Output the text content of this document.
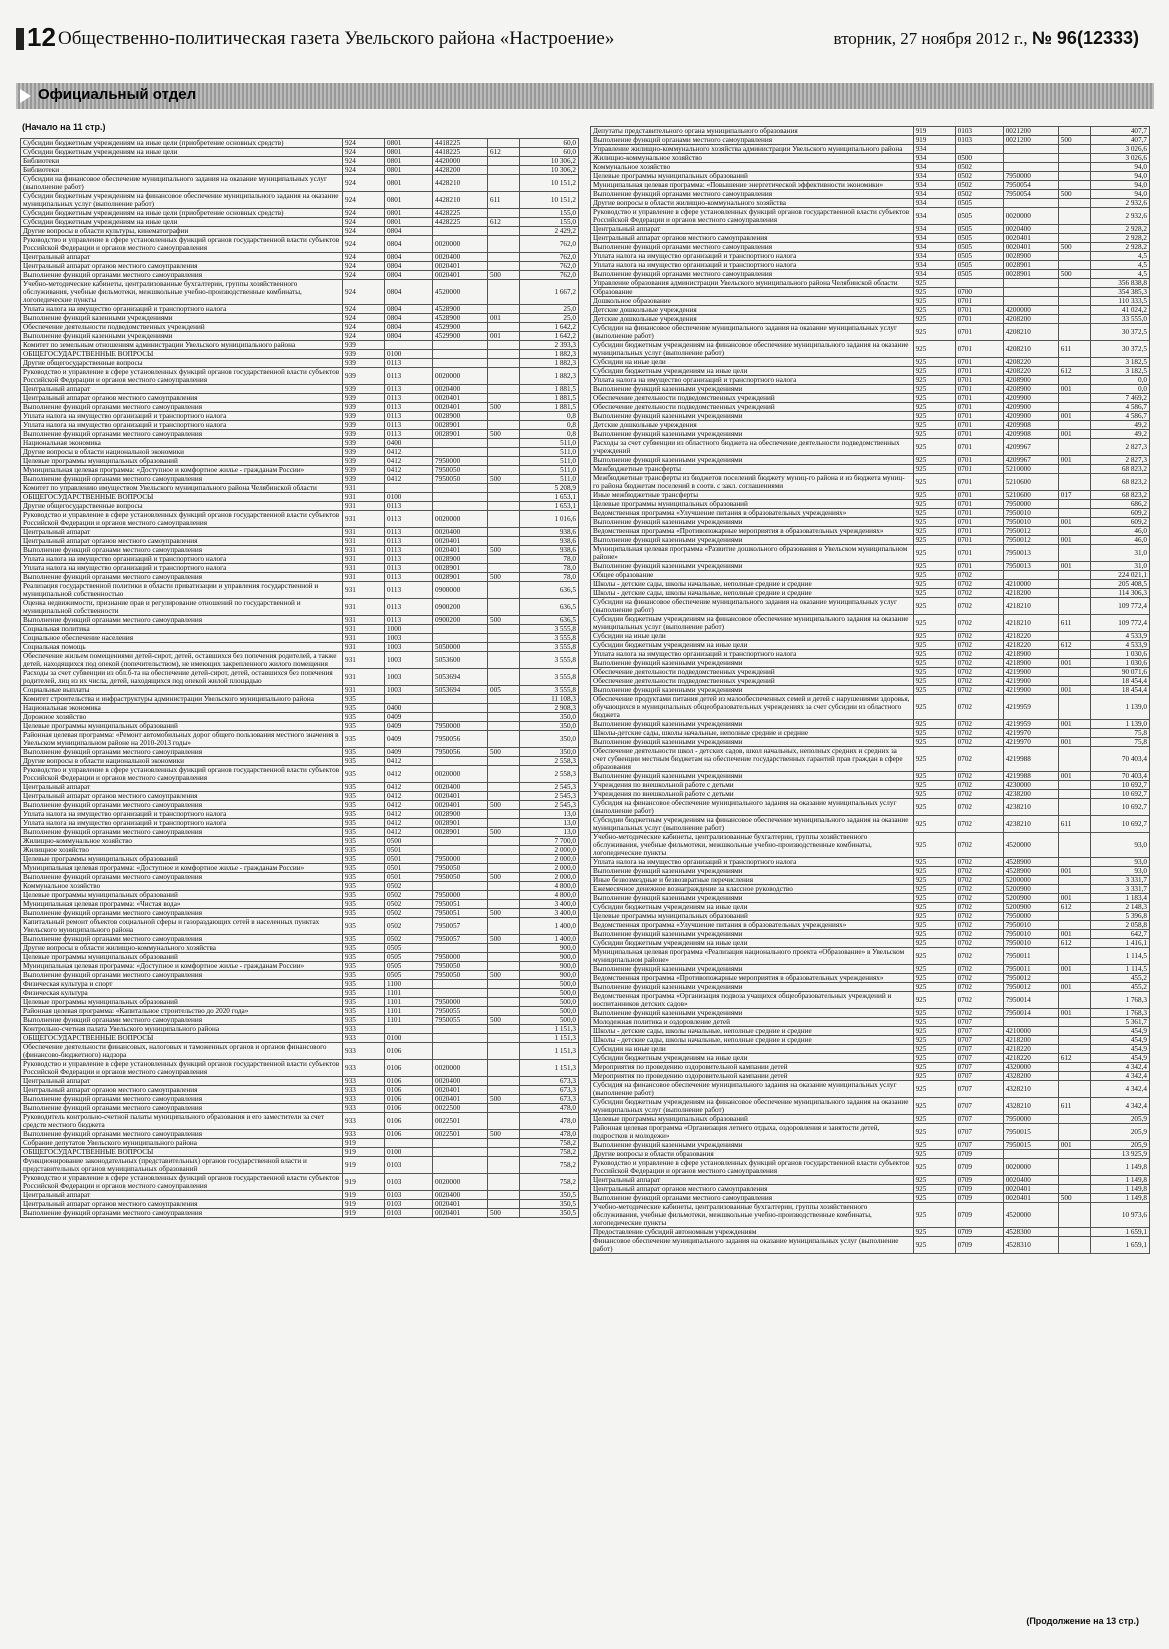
12 Общественно-политическая газета Увельского района «Настроение»	вторник, 27 ноября 2012 г., № 96(12333)
Официальный отдел
(Начало на 11 стр.)
Субсидии бюджетным учреждениям на иные цели (приобретение основных средств)	924	0801	4418225		60,0
Субсидии бюджетным учреждениям на иные цели	924	0801	4418225	612	60,0
Библиотеки	924	0801	4420000		10 306,2
Библиотеки	924	0801	4428200		10 306,2
Субсидии на финансовое обеспечение муниципального задания на оказание муниципальных услуг (выполнение работ)	924	0801	4428210		10 151,2
Субсидии бюджетным учреждениям на финансовое обеспечение муниципального задания на оказание муниципальных услуг (выполнение работ)	924	0801	4428210	611	10 151,2
Субсидии бюджетным учреждениям на иные цели (приобретение основных средств)	924	0801	4428225		155,0
Субсидии бюджетным учреждениям на иные цели	924	0801	4428225	612	155,0
Другие вопросы в области культуры, кинематографии	924	0804			2 429,2
Руководство и управление в сфере установленных функций органов государственной власти субъектов Российской Федерации и органов местного самоуправления	924	0804	0020000		762,0
Центральный аппарат	924	0804	0020400		762,0
Центральный аппарат органов местного самоуправления	924	0804	0020401		762,0
Выполнение функций органами местного самоуправления	924	0804	0020401	500	762,0
Учебно-методические кабинеты, централизованные бухгалтерии, группы хозяйственного обслуживания, учебные фильмотеки, межшкольные учебно-производственные комбинаты, логопедические пункты	924	0804	4520000		1 667,2
Уплата налога на имущество организаций и транспортного налога	924	0804	4528900		25,0
Выполнение функций казенными учреждениями	924	0804	4528900	001	25,0
Обеспечение деятельности подведомственных учреждений	924	0804	4529900		1 642,2
Выполнение функций казенными учреждениями	924	0804	4529900	001	1 642,2
Комитет по земельным отношениям администрации Увельского муниципального района	939				2 393,3
ОБЩЕГОСУДАРСТВЕННЫЕ ВОПРОСЫ	939	0100			1 882,3
Другие общегосударственные вопросы	939	0113			1 882,3
Руководство и управление в сфере установленных функций органов государственной власти субъектов Российской Федерации и органов местного самоуправления	939	0113	0020000		1 882,3
Центральный аппарат	939	0113	0020400		1 881,5
Центральный аппарат органов местного самоуправления	939	0113	0020401		1 881,5
Выполнение функций органами местного самоуправления	939	0113	0020401	500	1 881,5
Уплата налога на имущество организаций и транспортного налога	939	0113	0028900		0,8
Уплата налога на имущество организаций и транспортного налога	939	0113	0028901		0,8
Выполнение функций органами местного самоуправления	939	0113	0028901	500	0,8
Национальная экономика	939	0400			511,0
Другие вопросы в области национальной экономики	939	0412			511,0
Целевые программы муниципальных образований	939	0412	7950000		511,0
Муниципальная целевая программа: «Доступное и комфортное жилье - гражданам России»	939	0412	7950050		511,0
Выполнение функций органами местного самоуправления	939	0412	7950050	500	511,0
Комитет по управлению имуществом Увельского муниципального района Челябинской области	931				5 208,9
ОБЩЕГОСУДАРСТВЕННЫЕ ВОПРОСЫ	931	0100			1 653,1
Другие общегосударственные вопросы	931	0113			1 653,1
Руководство и управление в сфере установленных функций органов государственной власти субъектов Российской Федерации и органов местного самоуправления	931	0113	0020000		1 016,6
Центральный аппарат	931	0113	0020400		938,6
Центральный аппарат органов местного самоуправления	931	0113	0020401		938,6
Выполнение функций органами местного самоуправления	931	0113	0020401	500	938,6
Уплата налога на имущество организаций и транспортного налога	931	0113	0028900		78,0
Уплата налога на имущество организаций и транспортного налога	931	0113	0028901		78,0
Выполнение функций органами местного самоуправления	931	0113	0028901	500	78,0
Реализация государственной политики в области приватизации и управления государственной и муниципальной собственностью	931	0113	0900000		636,5
Оценка недвижимости, признание прав и регулирование отношений по государственной и муниципальной собственности	931	0113	0900200		636,5
Выполнение функций органами местного самоуправления	931	0113	0900200	500	636,5
Социальная политика	931	1000			3 555,8
Социальное обеспечение населения	931	1003			3 555,8
Социальная помощь	931	1003	5050000		3 555,8
Обеспечение жильем помещениями детей-сирот, детей, оставшихся без попечения родителей, а также детей, находящихся под опекой (попечительством), не имеющих закрепленного жилого помещения	931	1003	5053600		3 555,8
Расходы за счет субвенции из обл.б-та на обеспечение детей-сирот, детей, оставшихся без попечения родителей, лиц из их числа, детей, находящихся под опекой жилой площадью	931	1003	5053694		3 555,8
Социальные выплаты	931	1003	5053694	005	3 555,8
Комитет строительства и инфраструктуры администрации Увельского муниципального района	935				11 108,3
Национальная экономика	935	0400			2 908,3
Дорожное хозяйство	935	0409			350,0
Целевые программы муниципальных образований	935	0409	7950000		350,0
Районная целевая программа: «Ремонт автомобильных дорог общего пользования местного значения в Увельском муниципальном районе на 2010-2013 годы»	935	0409	7950056		350,0
Выполнение функций органами местного самоуправления	935	0409	7950056	500	350,0
Другие вопросы в области национальной экономики	935	0412			2 558,3
Руководство и управление в сфере установленных функций органов государственной власти субъектов Российской Федерации и органов местного самоуправления	935	0412	0020000		2 558,3
Центральный аппарат	935	0412	0020400		2 545,3
Центральный аппарат органов местного самоуправления	935	0412	0020401		2 545,3
Выполнение функций органами местного самоуправления	935	0412	0020401	500	2 545,3
Уплата налога на имущество организаций и транспортного налога	935	0412	0028900		13,0
Уплата налога на имущество организаций и транспортного налога	935	0412	0028901		13,0
Выполнение функций органами местного самоуправления	935	0412	0028901	500	13,0
Жилищно-коммунальное хозяйство	935	0500			7 700,0
Жилищное хозяйство	935	0501			2 000,0
Целевые программы муниципальных образований	935	0501	7950000		2 000,0
Муниципальная целевая программа: «Доступное и комфортное жилье - гражданам России»	935	0501	7950050		2 000,0
Выполнение функций органами местного самоуправления	935	0501	7950050	500	2 000,0
Коммунальное хозяйство	935	0502			4 800,0
Целевые программы муниципальных образований	935	0502	7950000		4 800,0
Муниципальная целевая программа: «Чистая вода»	935	0502	7950051		3 400,0
Выполнение функций органами местного самоуправления	935	0502	7950051	500	3 400,0
Капитальный ремонт объектов социальной сферы и газораздающих сетей в населенных пунктах Увельского муниципального района	935	0502	7950057		1 400,0
Выполнение функций органами местного самоуправления	935	0502	7950057	500	1 400,0
Другие вопросы в области жилищно-коммунального хозяйства	935	0505			900,0
Целевые программы муниципальных образований	935	0505	7950000		900,0
Муниципальная целевая программа: «Доступное и комфортное жилье - гражданам России»	935	0505	7950050		900,0
Выполнение функций органами местного самоуправления	935	0505	7950050	500	900,0
Физическая культура и спорт	935	1100			500,0
Физическая культура	935	1101			500,0
Целевые программы муниципальных образований	935	1101	7950000		500,0
Районная целевая программа: «Капитальное строительство до 2020 года»	935	1101	7950055		500,0
Выполнение функций органами местного самоуправления	935	1101	7950055	500	500,0
Контрольно-счетная палата Увельского муниципального района	933				1 151,3
ОБЩЕГОСУДАРСТВЕННЫЕ ВОПРОСЫ	933	0100			1 151,3
Обеспечение деятельности финансовых, налоговых и таможенных органов и органов финансового (финансово-бюджетного) надзора	933	0106			1 151,3
Руководство и управление в сфере установленных функций органов государственной власти субъектов Российской Федерации и органов местного самоуправления	933	0106	0020000		1 151,3
Центральный аппарат	933	0106	0020400		673,3
Центральный аппарат органов местного самоуправления	933	0106	0020401		673,3
Выполнение функций органами местного самоуправления	933	0106	0020401	500	673,3
Выполнение функций органами местного самоуправления	933	0106	0022500		478,0
Руководитель контрольно-счетной палаты муниципального образования и его заместители за счет средств местного бюджета	933	0106	0022501		478,0
Выполнение функций органами местного самоуправления	933	0106	0022501	500	478,0
Собрание депутатов Увельского муниципального района	919				758,2
ОБЩЕГОСУДАРСТВЕННЫЕ ВОПРОСЫ	919	0100			758,2
Функционирование законодательных (представительных) органов государственной власти и представительных органов муниципальных образований	919	0103			758,2
Руководство и управление в сфере установленных функций органов государственной власти субъектов Российской Федерации и органов местного самоуправления	919	0103	0020000		758,2
Центральный аппарат	919	0103	0020400		350,5
Центральный аппарат органов местного самоуправления	919	0103	0020401		350,5
Выполнение функций органами местного самоуправления	919	0103	0020401	500	350,5
Депутаты представительного органа муниципального образования	919	0103	0021200		407,7
Выполнение функций органами местного самоуправления	919	0103	0021200	500	407,7
Управление жилищно-коммунального хозяйства администрации Увельского муниципального района	934				3 026,6
Жилищно-коммунальное хозяйство	934	0500			3 026,6
Коммунальное хозяйство	934	0502			94,0
Целевые программы муниципальных образований	934	0502	7950000		94,0
Муниципальная целевая программа: «Повышение энергетической эффективности экономики»	934	0502	7950054		94,0
Выполнение функций органами местного самоуправления	934	0502	7950054	500	94,0
Другие вопросы в области жилищно-коммунального хозяйства	934	0505			2 932,6
Руководство и управление в сфере установленных функций органов государственной власти субъектов Российской Федерации и органов местного самоуправления	934	0505	0020000		2 932,6
Центральный аппарат	934	0505	0020400		2 928,2
Центральный аппарат органов местного самоуправления	934	0505	0020401		2 928,2
Выполнение функций органами местного самоуправления	934	0505	0020401	500	2 928,2
Уплата налога на имущество организаций и транспортного налога	934	0505	0028900		4,5
Уплата налога на имущество организаций и транспортного налога	934	0505	0028901		4,5
Выполнение функций органами местного самоуправления	934	0505	0028901	500	4,5
Управление образования администрации Увельского муниципального района Челябинской области	925				356 838,8
Образование	925	0700			354 385,3
Дошкольное образование	925	0701			110 333,5
Детские дошкольные учреждения	925	0701	4200000		41 024,2
Детские дошкольные учреждения	925	0701	4208200		33 555,0
Субсидии на финансовое обеспечение муниципального задания на оказание муниципальных услуг (выполнение работ)	925	0701	4208210		30 372,5
Субсидии бюджетным учреждениям на финансовое обеспечение муниципального задания на оказание муниципальных услуг (выполнение работ)	925	0701	4208210	611	30 372,5
Субсидии на иные цели	925	0701	4208220		3 182,5
Субсидии бюджетным учреждениям на иные цели	925	0701	4208220	612	3 182,5
Уплата налога на имущество организаций и транспортного налога	925	0701	4208900		0,0
Выполнение функций казенными учреждениями	925	0701	4208900	001	0,0
Обеспечение деятельности подведомственных учреждений	925	0701	4209900		7 469,2
Обеспечение деятельности подведомственных учреждений	925	0701	4209900		4 586,7
Выполнение функций казенными учреждениями	925	0701	4209900	001	4 586,7
Детские дошкольные учреждения	925	0701	4209908		49,2
Выполнение функций казенными учреждениями	925	0701	4209908	001	49,2
Расходы за счет субвенции из областного бюджета на обеспечение деятельности подведомственных учреждений	925	0701	4209967		2 827,3
Выполнение функций казенными учреждениями	925	0701	4209967	001	2 827,3
Межбюджетные трансферты	925	0701	5210000		68 823,2
Межбюджетные трансферты из бюджетов поселений бюджету муниц-го района и из бюджета муниц-го района бюджетам поселений в соотв. с закл. соглашениями	925	0701	5210600		68 823,2
Иные межбюджетные трансферты	925	0701	5210600	017	68 823,2
Целевые программы муниципальных образований	925	0701	7950000		686,2
Ведомственная программа «Улучшение питания в образовательных учреждениях»	925	0701	7950010		609,2
Выполнение функций казенными учреждениями	925	0701	7950010	001	609,2
Ведомственная программа «Противопожарные мероприятия в образовательных учреждениях»	925	0701	7950012		46,0
Выполнение функций казенными учреждениями	925	0701	7950012	001	46,0
Муниципальная целевая программа «Развитие дошкольного образования в Увельском муниципальном районе»	925	0701	7950013		31,0
Выполнение функций казенными учреждениями	925	0701	7950013	001	31,0
Общее образование	925	0702			224 021,1
Школы - детские сады, школы начальные, неполные средние и средние	925	0702	4210000		205 408,5
Школы - детские сады, школы начальные, неполные средние и средние	925	0702	4218200		114 306,3
Субсидии на финансовое обеспечение муниципального задания на оказание муниципальных услуг (выполнение работ)	925	0702	4218210		109 772,4
Субсидии бюджетным учреждениям на финансовое обеспечение муниципального задания на оказание муниципальных услуг (выполнение работ)	925	0702	4218210	611	109 772,4
Субсидии на иные цели	925	0702	4218220		4 533,9
Субсидии бюджетным учреждениям на иные цели	925	0702	4218220	612	4 533,9
Уплата налога на имущество организаций и транспортного налога	925	0702	4218900		1 030,6
Выполнение функций казенными учреждениями	925	0702	4218900	001	1 030,6
Обеспечение деятельности подведомственных учреждений	925	0702	4219900		90 071,6
Обеспечение деятельности подведомственных учреждений	925	0702	4219900		18 454,4
Выполнение функций казенными учреждениями	925	0702	4219900	001	18 454,4
Обеспечение продуктами питания детей из малообеспеченных семей и детей с нарушениями здоровья, обучающихся в муниципальных общеобразовательных учреждениях за счет субсидии из областного бюджета	925	0702	4219959		1 139,0
Выполнение функций казенными учреждениями	925	0702	4219959	001	1 139,0
Школы-детские сады, школы начальные, неполные средние и средние	925	0702	4219970		75,8
Выполнение функций казенными учреждениями	925	0702	4219970	001	75,8
Обеспечение деятельности школ - детских садов, школ начальных, неполных средних и средних за счет субвенции местным бюджетам на обеспечение государственных гарантий прав граждан в сфере образования	925	0702	4219988		70 403,4
Выполнение функций казенными учреждениями	925	0702	4219988	001	70 403,4
Учреждения по внешкольной работе с детьми	925	0702	4230000		10 692,7
Учреждения по внешкольной работе с детьми	925	0702	4238200		10 692,7
Субсидия на финансовое обеспечение муниципального задания на оказание муниципальных услуг (выполнение работ)	925	0702	4238210		10 692,7
Субсидии бюджетным учреждениям на финансовое обеспечение муниципального задания на оказание муниципальных услуг (выполнение работ)	925	0702	4238210	611	10 692,7
Учебно-методические кабинеты, централизованные бухгалтерии, группы хозяйственного обслуживания, учебные фильмотеки, межшкольные учебно-производственные комбинаты, логопедические пункты	925	0702	4520000		93,0
Уплата налога на имущество организаций и транспортного налога	925	0702	4528900		93,0
Выполнение функций казенными учреждениями	925	0702	4528900	001	93,0
Иные безвозмездные и безвозвратные перечисления	925	0702	5200000		3 331,7
Ежемесячное денежное вознаграждение за классное руководство	925	0702	5200900		3 331,7
Выполнение функций казенными учреждениями	925	0702	5200900	001	1 183,4
Субсидии бюджетным учреждениям на иные цели	925	0702	5200900	612	2 148,3
Целевые программы муниципальных образований	925	0702	7950000		5 396,8
Ведомственная программа «Улучшение питания в образовательных учреждениях»	925	0702	7950010		2 058,8
Выполнение функций казенными учреждениями	925	0702	7950010	001	642,7
Субсидии бюджетным учреждениям на иные цели	925	0702	7950010	612	1 416,1
Муниципальная целевая программа «Реализация национального проекта «Образование» в Увельском муниципальном районе»	925	0702	7950011		1 114,5
Выполнение функций казенными учреждениями	925	0702	7950011	001	1 114,5
Ведомственная программа «Противопожарные мероприятия в образовательных учреждениях»	925	0702	7950012		455,2
Выполнение функций казенными учреждениями	925	0702	7950012	001	455,2
Ведомственная программа «Организация подвоза учащихся общеобразовательных учреждений и воспитанников детских садов»	925	0702	7950014		1 768,3
Выполнение функций казенными учреждениями	925	0702	7950014	001	1 768,3
Молодежная политика и оздоровление детей	925	0707			5 361,7
Школы - детские сады, школы начальные, неполные средние и средние	925	0707	4210000		454,9
Школы - детские сады, школы начальные, неполные средние и средние	925	0707	4218200		454,9
Субсидии на иные цели	925	0707	4218220		454,9
Субсидии бюджетным учреждениям на иные цели	925	0707	4218220	612	454,9
Мероприятия по проведению оздоровительной кампании детей	925	0707	4320000		4 342,4
Мероприятия по проведению оздоровительной кампании детей	925	0707	4328200		4 342,4
Субсидия на финансовое обеспечение муниципального задания на оказание муниципальных услуг (выполнение работ)	925	0707	4328210		4 342,4
Субсидии бюджетным учреждениям на финансовое обеспечение муниципального задания на оказание муниципальных услуг (выполнение работ)	925	0707	4328210	611	4 342,4
Целевые программы муниципальных образований	925	0707	7950000		205,9
Районная целевая программа «Организация летнего отдыха, оздоровления и занятости детей, подростков и молодежи»	925	0707	7950015		205,9
Выполнение функций казенными учреждениями	925	0707	7950015	001	205,9
Другие вопросы в области образования	925	0709			13 925,9
Руководство и управление в сфере установленных функций органов государственной власти субъектов Российской Федерации и органов местного самоуправления	925	0709	0020000		1 149,8
Центральный аппарат	925	0709	0020400		1 149,8
Центральный аппарат органов местного самоуправления	925	0709	0020401		1 149,8
Выполнение функций органами местного самоуправления	925	0709	0020401	500	1 149,8
Учебно-методические кабинеты, централизованные бухгалтерии, группы хозяйственного обслуживания, учебные фильмотеки, межшкольные учебно-производственные комбинаты, логопедические пункты	925	0709	4520000		10 973,6
Предоставление субсидий автономным учреждениям	925	0709	4528300		1 659,1
Финансовое обеспечение муниципального задания на оказание муниципальных услуг (выполнение работ)	925	0709	4528310		1 659,1
(Продолжение на 13 стр.)
